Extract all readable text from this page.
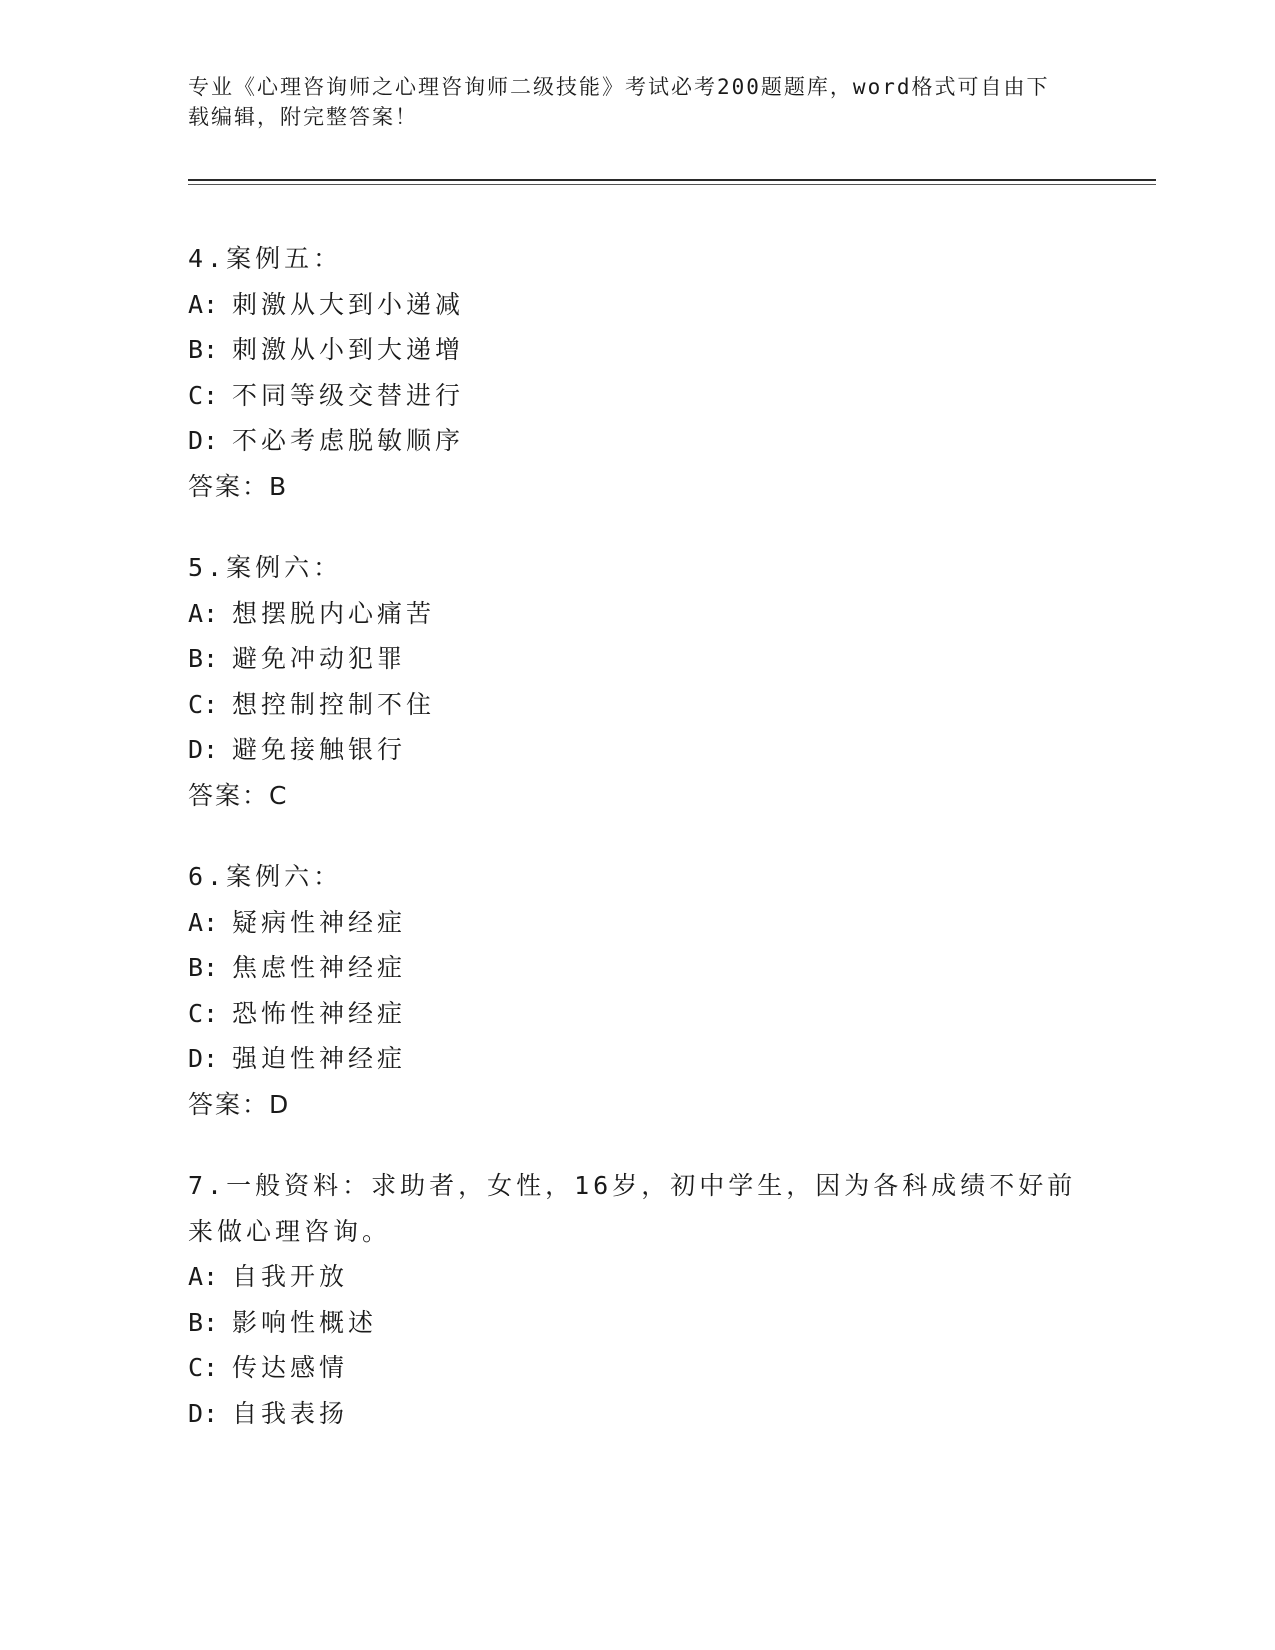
专业《心理咨询师之心理咨询师二级技能》考试必考200题题库，word格式可自由下载编辑，附完整答案！
4.案例五：
A: 刺激从大到小递减
B: 刺激从小到大递增
C: 不同等级交替进行
D: 不必考虑脱敏顺序
答案：B
5.案例六：
A: 想摆脱内心痛苦
B: 避免冲动犯罪
C: 想控制控制不住
D: 避免接触银行
答案：C
6.案例六：
A: 疑病性神经症
B: 焦虑性神经症
C: 恐怖性神经症
D: 强迫性神经症
答案：D
7.一般资料：求助者，女性，16岁，初中学生，因为各科成绩不好前来做心理咨询。
A: 自我开放
B: 影响性概述
C: 传达感情
D: 自我表扬
